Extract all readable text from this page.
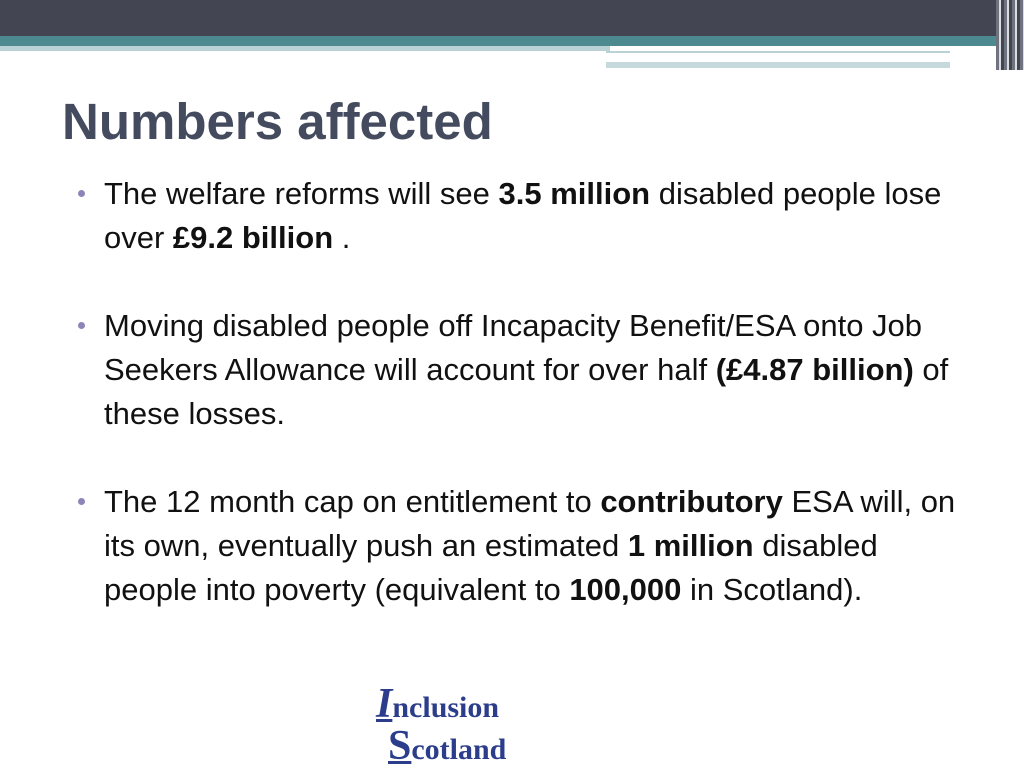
Numbers affected
The welfare reforms will see 3.5 million disabled people lose over £9.2 billion .
Moving disabled people off Incapacity Benefit/ESA onto Job Seekers Allowance will account for over half (£4.87 billion) of these losses.
The 12 month cap on entitlement to contributory ESA will, on its own, eventually push an estimated 1 million disabled people into poverty (equivalent to 100,000 in Scotland).
Inclusion
Scotland
